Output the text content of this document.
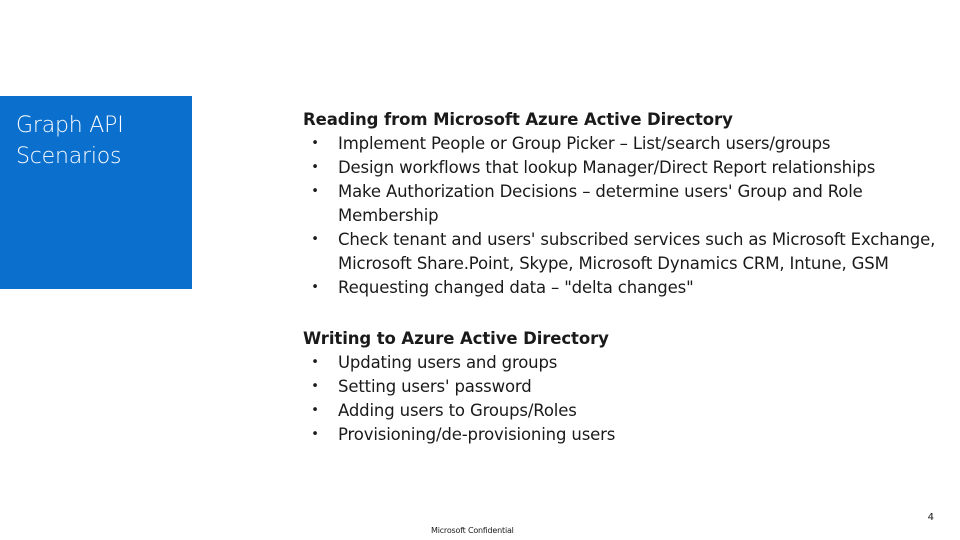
Graph API
Scenarios

Reading from Microsoft Azure Active Directory

•	Implement People or Group Picker – List/search users/groups
•	Design workflows that lookup Manager/Direct Report relationships
•	Make Authorization Decisions – determine users' Group and Role Membership
•	Check tenant and users' subscribed services such as Microsoft Exchange, Microsoft Share.Point, Skype, Microsoft Dynamics CRM, Intune, GSM
•	Requesting changed data – "delta changes"

Writing to Azure Active Directory

•	Updating users and groups
•	Setting users' password
•	Adding users to Groups/Roles
•	Provisioning/de-provisioning users
Microsoft Confidential
4
